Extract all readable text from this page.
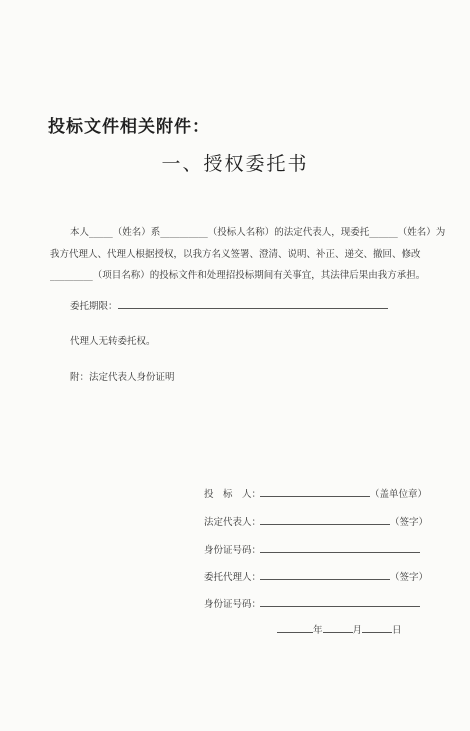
投标文件相关附件：
一、授权委托书
本人_____（姓名）系__________（投标人名称）的法定代表人，现委托______（姓名）为
我方代理人、代理人根据授权，以我方名义签署、澄清、说明、补正、递交、撤回、修改
_________（项目名称）的投标文件和处理招投标期间有关事宜，其法律后果由我方承担。
委托期限：
代理人无转委托权。
附：法定代表人身份证明
投　标　人：	（盖单位章）
法定代表人：	（签字）
身份证号码：
委托代理人：	（签字）
身份证号码：
年	月	日
